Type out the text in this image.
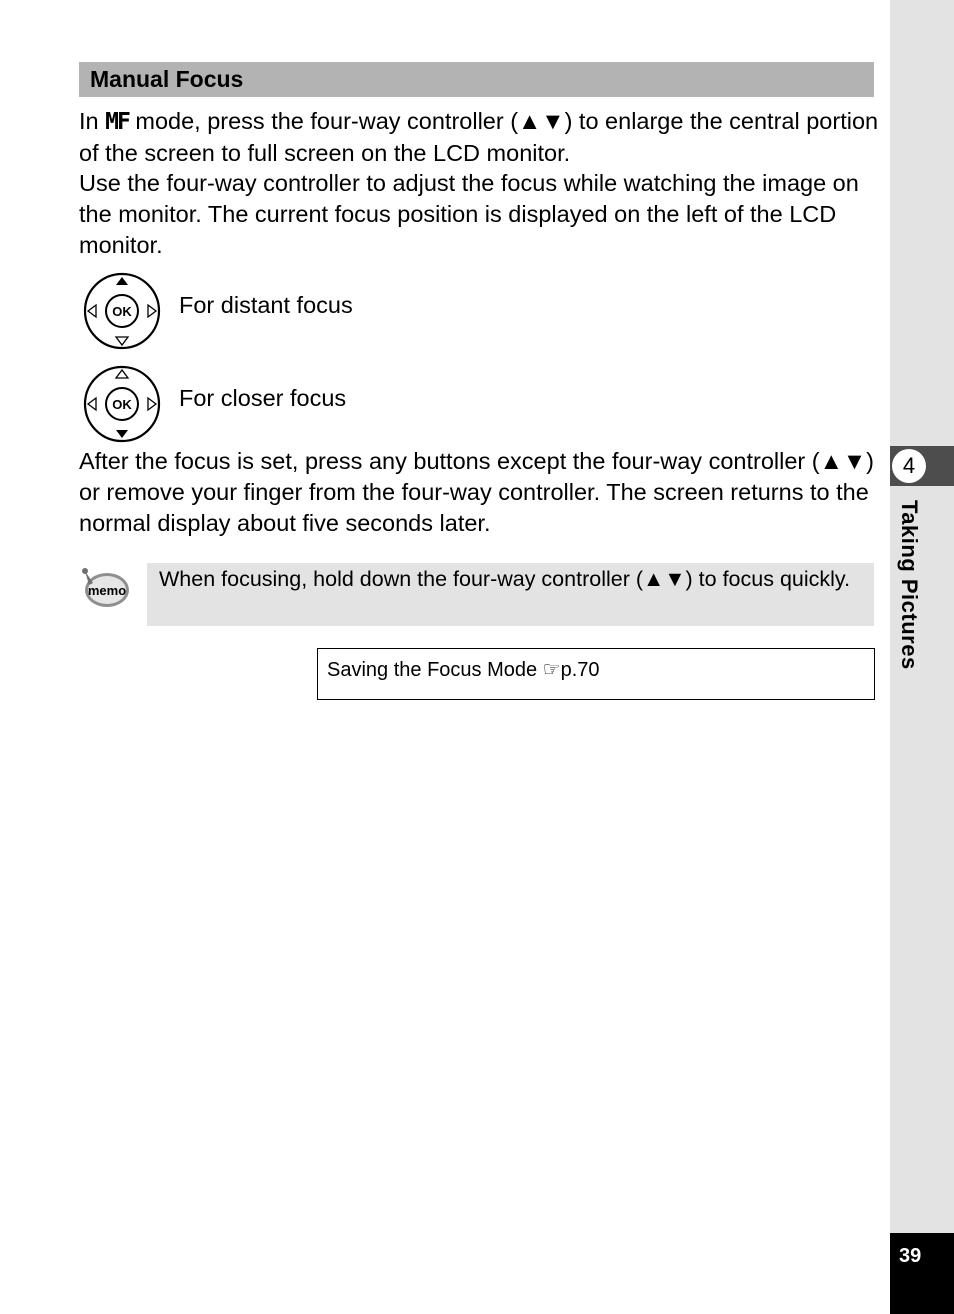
4
Taking Pictures
39
Manual Focus

In MF mode, press the four-way controller (▲▼) to enlarge the central portion of the screen to full screen on the LCD monitor.

Use the four-way controller to adjust the focus while watching the image on the monitor. The current focus position is displayed on the left of the LCD monitor.

OK For distant focus
OK For closer focus

After the focus is set, press any buttons except the four-way controller (▲▼) or remove your finger from the four-way controller. The screen returns to the normal display about five seconds later.

memo	When focusing, hold down the four-way controller (▲▼) to focus quickly.
Saving the Focus Mode ☞p.70
